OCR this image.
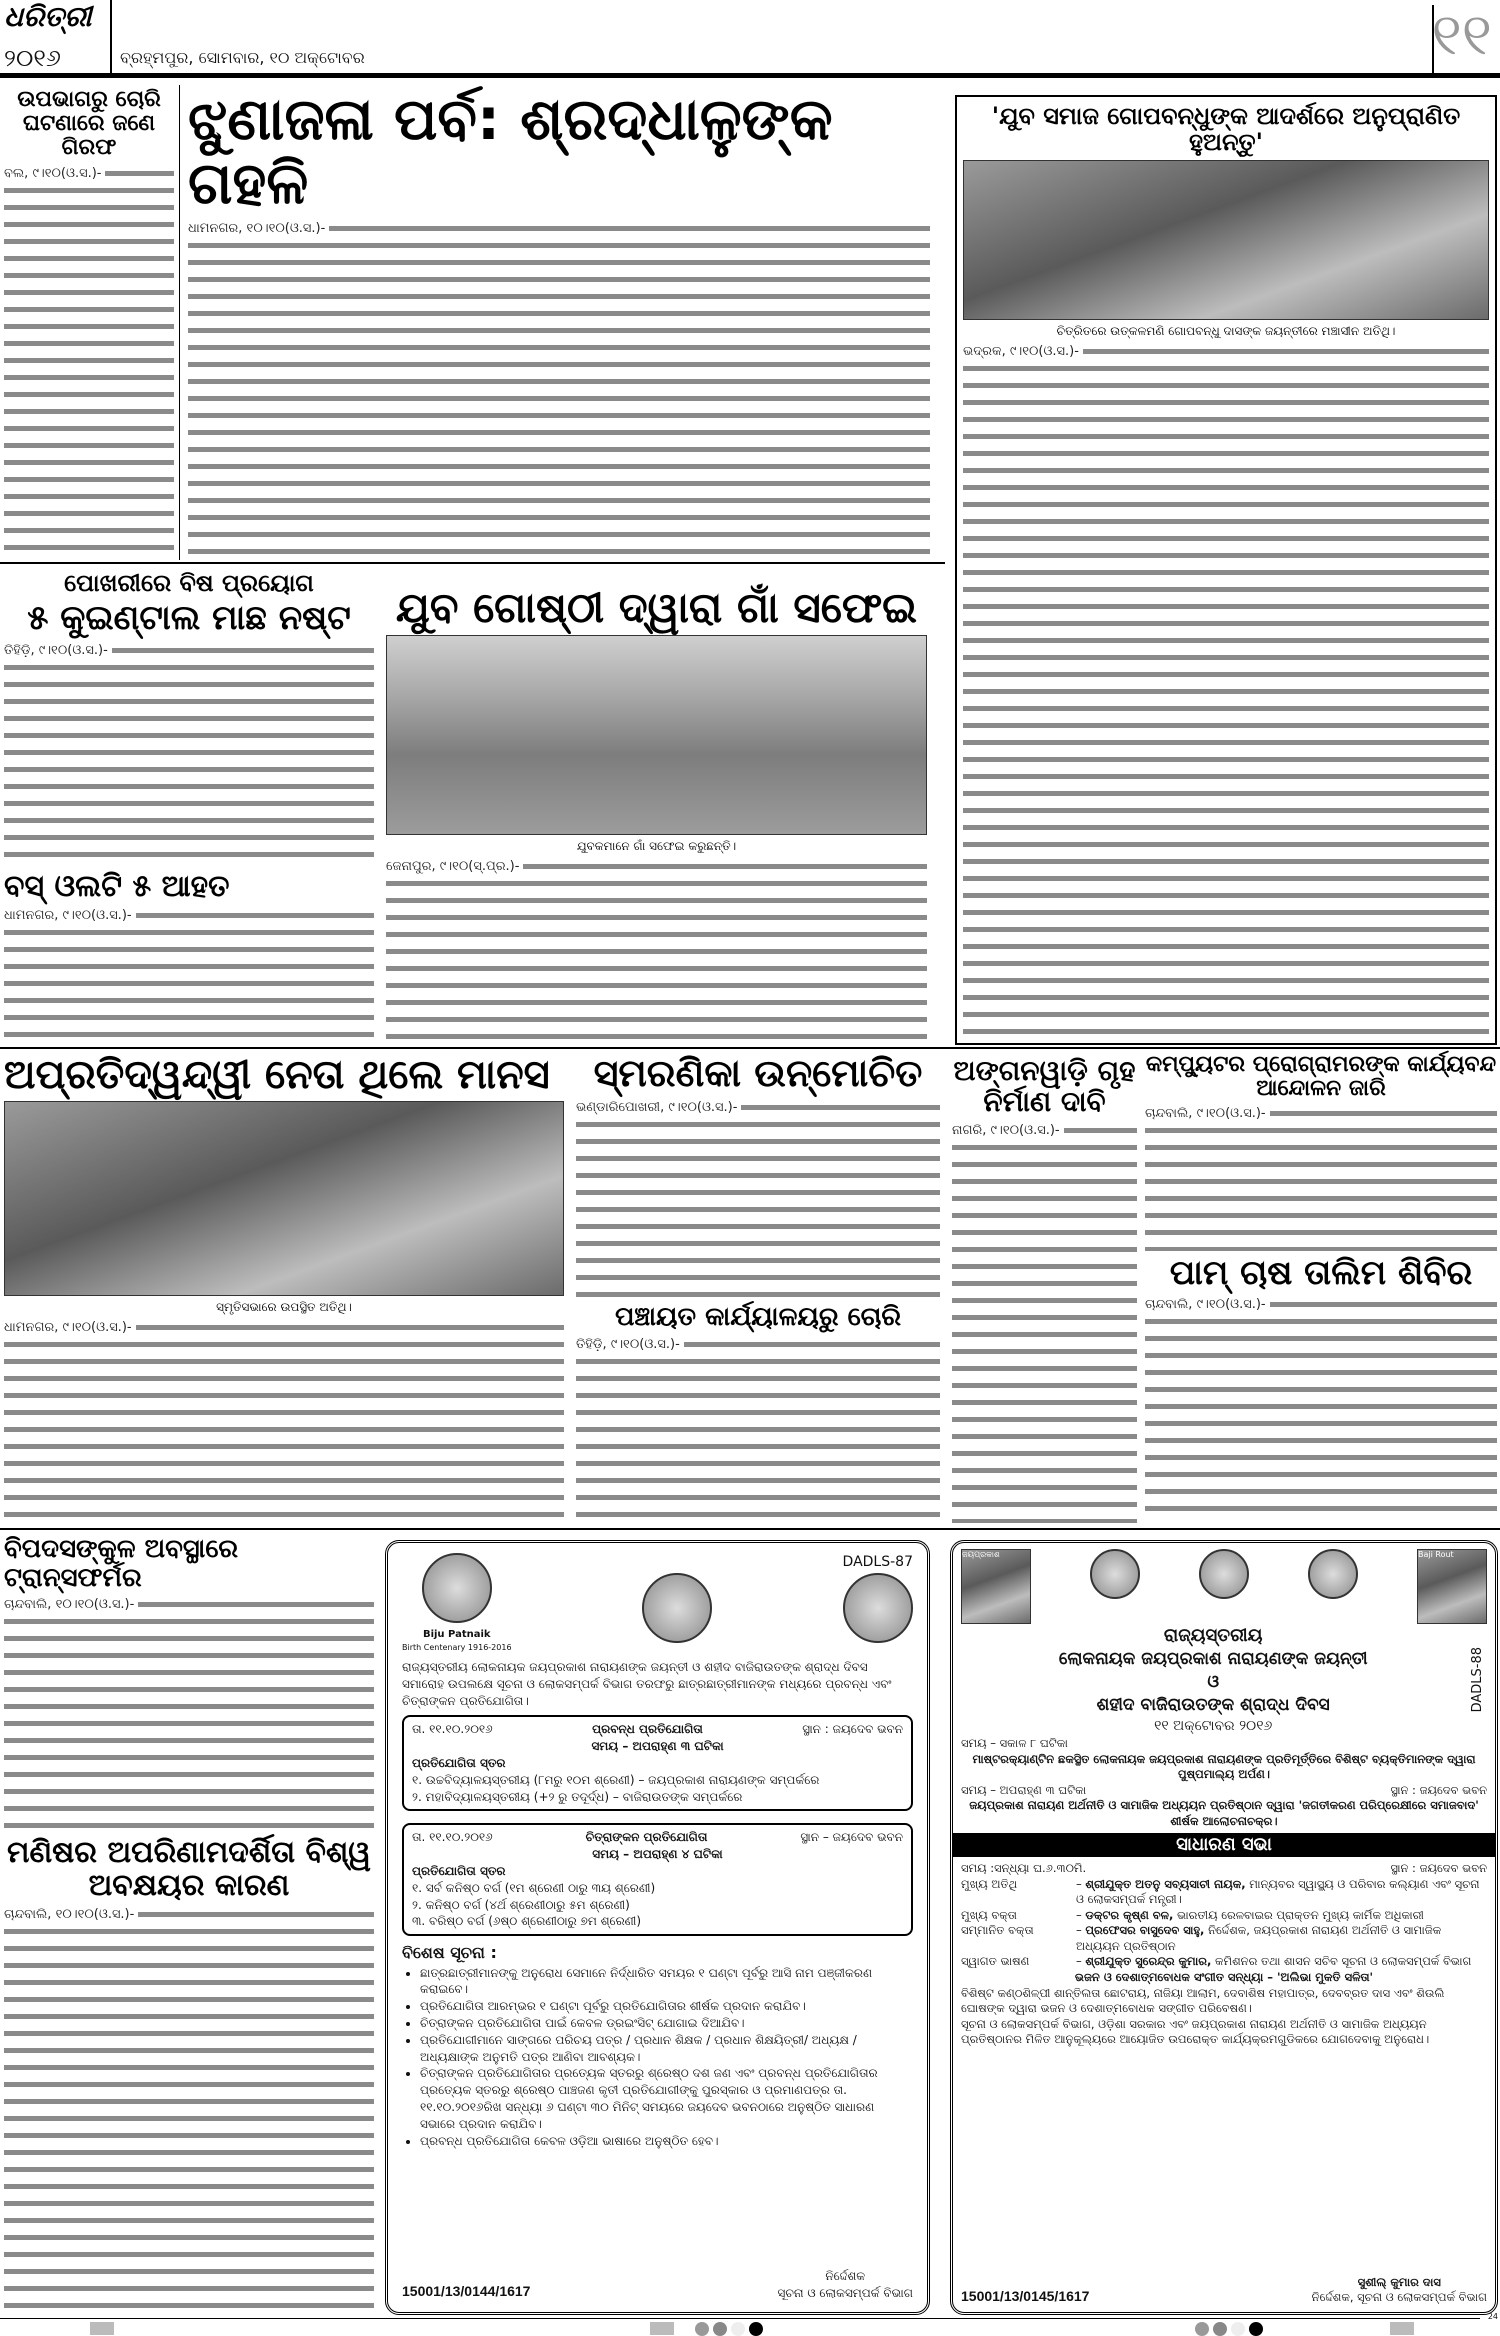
ଧରିତ୍ରୀ
୨୦୧୬	ବ୍ରହ୍ମପୁର, ସୋମବାର, ୧୦ ଅକ୍ଟୋବର	୧୧
ଉପଭାଗରୁ ଚୋରି ଘଟଣାରେ ଜଣେ ଗିରଫ
ବଲ, ୯।୧୦(ଓ.ସ.)-
ଝୁଣାଜଳା ପର୍ବ: ଶ୍ରଦ୍ଧାଳୁଙ୍କ ଗହଳି
ଧାମନଗର, ୧୦।୧୦(ଓ.ସ.)-
'ଯୁବ ସମାଜ ଗୋପବନ୍ଧୁଙ୍କ ଆଦର୍ଶରେ ଅନୁପ୍ରାଣିତ ହୁଅନ୍ତୁ'
ଚିତ୍ରିତରେ ଉତ୍କଳମଣି ଗୋପବନ୍ଧୁ ଦାସଙ୍କ ଜୟନ୍ତୀରେ ମଞ୍ଚାସୀନ ଅତିଥି।
ଭଦ୍ରକ, ୯।୧୦(ଓ.ସ.)-
ପୋଖରୀରେ ବିଷ ପ୍ରୟୋଗ
୫ କୁଇଣ୍ଟାଲ ମାଛ ନଷ୍ଟ
ତିହିଡ଼ି, ୯।୧୦(ଓ.ସ.)-
ଯୁବ ଗୋଷ୍ଠୀ ଦ୍ୱାରା ଗାଁ ସଫେଇ
ଯୁବକମାନେ ଗାଁ ସଫେଇ କରୁଛନ୍ତି।
ଜେନାପୁର, ୯।୧୦(ସ୍.ପ୍ର.)-
ବସ୍ ଓଲଟି ୫ ଆହତ
ଧାମନଗର, ୯।୧୦(ଓ.ସ.)-
ଅପ୍ରତିଦ୍ୱନ୍ଦ୍ୱୀ ନେତା ଥିଲେ ମାନସ
ସ୍ମୃତିସଭାରେ ଉପସ୍ଥିତ ଅତିଥି।
ଧାମନଗର, ୯।୧୦(ଓ.ସ.)-
ସ୍ମରଣିକା ଉନ୍ମୋଚିତ
ଭଣ୍ଡାରିପୋଖରୀ, ୯।୧୦(ଓ.ସ.)-
ପଞ୍ଚାୟତ କାର୍ଯ୍ୟାଳୟରୁ ଚୋରି
ତିହିଡ଼ି, ୯।୧୦(ଓ.ସ.)-
ଅଙ୍ଗନୱାଡ଼ି ଗୃହ ନିର୍ମାଣ ଦାବି
ନାଗରି, ୯।୧୦(ଓ.ସ.)-
କମ୍ପ୍ୟୁଟର ପ୍ରୋଗ୍ରାମରଙ୍କ କାର୍ଯ୍ୟବନ୍ଦ ଆନ୍ଦୋଳନ ଜାରି
ଚାନ୍ଦବାଲି, ୯।୧୦(ଓ.ସ.)-
ପାମ୍ ଚାଷ ତାଲିମ ଶିବିର
ଚାନ୍ଦବାଲି, ୯।୧୦(ଓ.ସ.)-
ବିପଦସଙ୍କୁଳ ଅବସ୍ଥାରେ ଟ୍ରାନ୍ସଫର୍ମର
ଚାନ୍ଦବାଲି, ୧୦।୧୦(ଓ.ସ.)-
ମଣିଷର ଅପରିଣାମଦର୍ଶିତା ବିଶ୍ୱ ଅବକ୍ଷୟର କାରଣ
ଚାନ୍ଦବାଲି, ୧୦।୧୦(ଓ.ସ.)-
Biju Patnaik
Birth Centenary 1916-2016
DADLS-87
ରାଜ୍ୟସ୍ତରୀୟ ଲୋକନାୟକ ଜୟପ୍ରକାଶ ନାରାୟଣଙ୍କ ଜୟନ୍ତୀ ଓ ଶହୀଦ ବାଜିରାଉତଙ୍କ ଶ୍ରାଦ୍ଧ ଦିବସ ସମାରୋହ ଉପଲକ୍ଷେ ସୂଚନା ଓ ଲୋକସମ୍ପର୍କ ବିଭାଗ ତରଫରୁ ଛାତ୍ରଛାତ୍ରୀମାନଙ୍କ ମଧ୍ୟରେ ପ୍ରବନ୍ଧ ଏବଂ ଚିତ୍ରାଙ୍କନ ପ୍ରତିଯୋଗିତା।
ତା. ୧୧.୧୦.୨୦୧୬	ପ୍ରବନ୍ଧ ପ୍ରତିଯୋଗିତା	ସ୍ଥାନ : ଜୟଦେବ ଭବନ
ସମୟ – ଅପରାହ୍ଣ ୩ ଘଟିକା
ପ୍ରତିଯୋଗିତା ସ୍ତର
୧. ଉଚ୍ଚବିଦ୍ୟାଳୟସ୍ତରୀୟ (୮ମରୁ ୧୦ମ ଶ୍ରେଣୀ) – ଜୟପ୍ରକାଶ ନାରାୟଣଙ୍କ ସମ୍ପର୍କରେ
୨. ମହାବିଦ୍ୟାଳୟସ୍ତରୀୟ (+୨ ରୁ ତଦୂର୍ଦ୍ଧ) – ବାଜିରାଉତଙ୍କ ସମ୍ପର୍କରେ
ତା. ୧୧.୧୦.୨୦୧୬	ଚିତ୍ରାଙ୍କନ ପ୍ରତିଯୋଗିତା	ସ୍ଥାନ – ଜୟଦେବ ଭବନ
ସମୟ – ଅପରାହ୍ଣ ୪ ଘଟିକା
ପ୍ରତିଯୋଗିତା ସ୍ତର
୧. ସର୍ବ କନିଷ୍ଠ ବର୍ଗ (୧ମ ଶ୍ରେଣୀ ଠାରୁ ୩ୟ ଶ୍ରେଣୀ)
୨. କନିଷ୍ଠ ବର୍ଗ (୪ର୍ଥ ଶ୍ରେଣୀଠାରୁ ୫ମ ଶ୍ରେଣୀ)
୩. ବରିଷ୍ଠ ବର୍ଗ (୬ଷ୍ଠ ଶ୍ରେଣୀଠାରୁ ୭ମ ଶ୍ରେଣୀ)
ବିଶେଷ ସୂଚନା :
• ଛାତ୍ରଛାତ୍ରୀମାନଙ୍କୁ ଅନୁରୋଧ ସେମାନେ ନିର୍ଦ୍ଧାରିତ ସମୟର ୧ ଘଣ୍ଟା ପୂର୍ବରୁ ଆସି ନାମ ପଞ୍ଜୀକରଣ କରାଇବେ।
• ପ୍ରତିଯୋଗିତା ଆରମ୍ଭର ୧ ଘଣ୍ଟା ପୂର୍ବରୁ ପ୍ରତିଯୋଗିତାର ଶୀର୍ଷକ ପ୍ରଦାନ କରାଯିବ।
• ଚିତ୍ରାଙ୍କନ ପ୍ରତିଯୋଗିତା ପାଇଁ କେବଳ ଡ୍ରଇଂସିଟ୍ ଯୋଗାଇ ଦିଆଯିବ।
• ପ୍ରତିଯୋଗୀମାନେ ସାଙ୍ଗରେ ପରିଚୟ ପତ୍ର / ପ୍ରଧାନ ଶିକ୍ଷକ / ପ୍ରଧାନ ଶିକ୍ଷୟିତ୍ରୀ/ ଅଧ୍ୟକ୍ଷ / ଅଧ୍ୟକ୍ଷାଙ୍କ ଅନୁମତି ପତ୍ର ଆଣିବା ଆବଶ୍ୟକ।
• ଚିତ୍ରାଙ୍କନ ପ୍ରତିଯୋଗିତାର ପ୍ରତ୍ୟେକ ସ୍ତରରୁ ଶ୍ରେଷ୍ଠ ଦଶ ଜଣ ଏବଂ ପ୍ରବନ୍ଧ ପ୍ରତିଯୋଗିତାର ପ୍ରତ୍ୟେକ ସ୍ତରରୁ ଶ୍ରେଷ୍ଠ ପାଞ୍ଚଜଣ କୃତୀ ପ୍ରତିଯୋଗୀଙ୍କୁ ପୁରସ୍କାର ଓ ପ୍ରମାଣପତ୍ର ତା. ୧୧.୧୦.୨୦୧୬ରିଖ ସନ୍ଧ୍ୟା ୬ ଘଣ୍ଟା ୩୦ ମିନିଟ୍ ସମୟରେ ଜୟଦେବ ଭବନଠାରେ ଅନୁଷ୍ଠିତ ସାଧାରଣ ସଭାରେ ପ୍ରଦାନ କରାଯିବ।
• ପ୍ରବନ୍ଧ ପ୍ରତିଯୋଗିତା କେବଳ ଓଡ଼ିଆ ଭାଷାରେ ଅନୁଷ୍ଠିତ ହେବ।
15001/13/0144/1617
ନିର୍ଦ୍ଦେଶକ
ସୂଚନା ଓ ଲୋକସମ୍ପର୍କ ବିଭାଗ
ଜୟପ୍ରକାଶ	Baji Rout
ରାଜ୍ୟସ୍ତରୀୟ
ଲୋକନାୟକ ଜୟପ୍ରକାଶ ନାରାୟଣଙ୍କ ଜୟନ୍ତୀ
ଓ
ଶହୀଦ ବାଜିରାଉତଙ୍କ ଶ୍ରାଦ୍ଧ ଦିବସ
୧୧ ଅକ୍ଟୋବର ୨୦୧୬
DADLS-88
ସମୟ – ସକାଳ ୮ ଘଟିକା
ମାଷ୍ଟରକ୍ୟାଣ୍ଟିନ ଛକସ୍ଥିତ ଲୋକନାୟକ ଜୟପ୍ରକାଶ ନାରାୟଣଙ୍କ ପ୍ରତିମୂର୍ତ୍ତିରେ ବିଶିଷ୍ଟ ବ୍ୟକ୍ତିମାନଙ୍କ ଦ୍ୱାରା ପୁଷ୍ପମାଲ୍ୟ ଅର୍ପଣ।
ସମୟ – ଅପରାହ୍ଣ ୩ ଘଟିକା	ସ୍ଥାନ : ଜୟଦେବ ଭବନ
ଜୟପ୍ରକାଶ ନାରାୟଣ ଅର୍ଥନୀତି ଓ ସାମାଜିକ ଅଧ୍ୟୟନ ପ୍ରତିଷ୍ଠାନ ଦ୍ୱାରା 'ଜଗତୀକରଣ ପରିପ୍ରେକ୍ଷୀରେ ସମାଜବାଦ' ଶୀର୍ଷକ ଆଲୋଚନାଚକ୍ର।
ସାଧାରଣ ସଭା
ସମୟ :ସନ୍ଧ୍ୟା ଘ.୬.୩୦ମି.	ସ୍ଥାନ : ଜୟଦେବ ଭବନ
ମୁଖ୍ୟ ଅତିଥି	– ଶ୍ରୀଯୁକ୍ତ ଅତନୁ ସବ୍ୟସାଚୀ ନାୟକ, ମାନ୍ୟବର ସ୍ୱାସ୍ଥ୍ୟ ଓ ପରିବାର କଲ୍ୟାଣ ଏବଂ ସୂଚନା ଓ ଲୋକସମ୍ପର୍କ ମନ୍ତ୍ରୀ।
ମୁଖ୍ୟ ବକ୍ତା	– ଡକ୍ଟର କୃଷ୍ଣ ବଳ, ଭାରତୀୟ ରେଳବାଇର ପ୍ରାକ୍ତନ ମୁଖ୍ୟ କାର୍ମିକ ଅଧିକାରୀ
ସମ୍ମାନିତ ବକ୍ତା	– ପ୍ରଫେସର ବାସୁଦେବ ସାହୁ, ନିର୍ଦ୍ଦେଶକ, ଜୟପ୍ରକାଶ ନାରାୟଣ ଅର୍ଥନୀତି ଓ ସାମାଜିକ ଅଧ୍ୟୟନ ପ୍ରତିଷ୍ଠାନ
ସ୍ୱାଗତ ଭାଷଣ	– ଶ୍ରୀଯୁକ୍ତ ସୁରେନ୍ଦ୍ର କୁମାର, କମିଶନର ତଥା ଶାସନ ସଚିବ ସୂଚନା ଓ ଲୋକସମ୍ପର୍କ ବିଭାଗ
ଭଜନ ଓ ଦେଶାତ୍ମବୋଧକ ସଂଗୀତ ସନ୍ଧ୍ୟା – 'ଅଲିଭା ମୁକତି ସଳିତା'
ବିଶିଷ୍ଟ କଣ୍ଠଶିଳ୍ପୀ ଶାନ୍ତିଲତା ଛୋଟରାୟ, ନାଜିୟା ଆଲାମ, ଦେବାଶିଷ ମହାପାତ୍ର, ଦେବବ୍ରତ ଦାସ ଏବଂ ଶିଉଲି ଘୋଷଙ୍କ ଦ୍ୱାରା ଭଜନ ଓ ଦେଶାତ୍ମବୋଧକ ସଙ୍ଗୀତ ପରିବେଷଣ।
ସୂଚନା ଓ ଲୋକସମ୍ପର୍କ ବିଭାଗ, ଓଡ଼ିଶା ସରକାର ଏବଂ ଜୟପ୍ରକାଶ ନାରାୟଣ ଅର୍ଥନୀତି ଓ ସାମାଜିକ ଅଧ୍ୟୟନ ପ୍ରତିଷ୍ଠାନର ମିଳିତ ଆନୁକୂଲ୍ୟରେ ଆୟୋଜିତ ଉପରୋକ୍ତ କାର୍ଯ୍ୟକ୍ରମଗୁଡିକରେ ଯୋଗଦେବାକୁ ଅନୁରୋଧ।
15001/13/0145/1617
ସୁଶୀଲ୍ କୁମାର ଦାସ
ନିର୍ଦ୍ଦେଶକ, ସୂଚନା ଓ ଲୋକସମ୍ପର୍କ ବିଭାଗ
24
